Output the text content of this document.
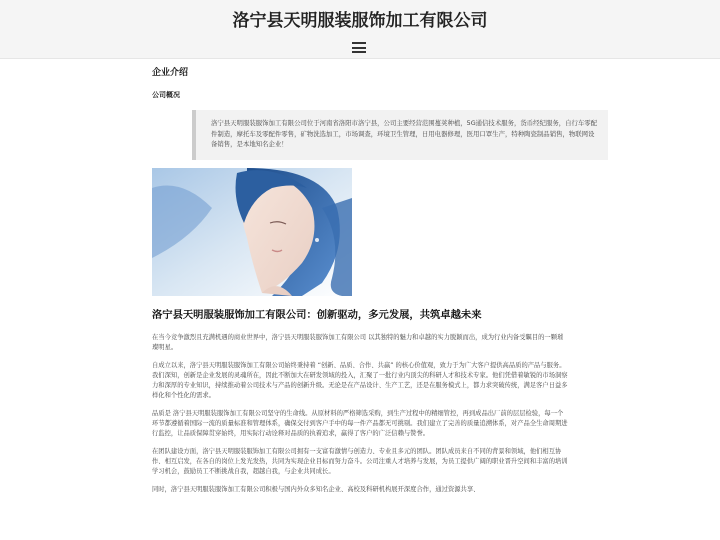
洛宁县天明服装服饰加工有限公司
企业介绍
公司概况
洛宁县天明服装服饰加工有限公司位于河南省洛阳市洛宁县，公司主要经营范围蔓荚种植，5G通信技术服务，货币经纪服务，自行车零配件制造，摩托车及零配件零售，矿物洗选加工，市场调查，环境卫生管理，日用电器修理，医用口罩生产，特种陶瓷制品销售，物联网设备销售，是本地知名企业！
洛宁县天明服装服饰加工有限公司：创新驱动，多元发展，共筑卓越未来

在当今竞争激烈且充满机遇的商业世界中，洛宁县天明服装服饰加工有限公司 以其独特的魅力和卓越的实力脱颖而出，成为行业内备受瞩目的一颗璀璨明星。

自成立以来，洛宁县天明服装服饰加工有限公司始终秉持着 “创新、品质、合作、共赢” 的核心价值观，致力于为广大客户提供高品质的产品与服务。我们深知，创新是企业发展的灵魂所在，因此不断加大在研发领域的投入，汇聚了一批行业内顶尖的科研人才和技术专家。他们凭借着敏锐的市场洞察力和深厚的专业知识，持续推动着公司技术与产品的创新升级。无论是在产品设计、生产工艺，还是在服务模式上，都力求突破传统，满足客户日益多样化和个性化的需求。

品质是 洛宁县天明服装服饰加工有限公司坚守的生命线。从原材料的严格筛选采购，到生产过程中的精细管控，再到成品出厂前的层层检验，每一个环节都遵循着国际一流的质量标准和管理体系，确保交付到客户手中的每一件产品都无可挑剔。我们建立了完善的质量追溯体系，对产品全生命周期进行监控，让品质保障贯穿始终，用实际行动诠释对品质的执着追求，赢得了客户的广泛信赖与赞誉。

在团队建设方面，洛宁县天明服装服饰加工有限公司拥有一支富有激情与创造力、专业且多元的团队。团队成员来自不同的背景和领域，他们相互协作、相互启发，在各自的岗位上发光发热，共同为实现企业目标而努力奋斗。公司注重人才培养与发展，为员工提供广阔的职业晋升空间和丰富的培训学习机会，鼓励员工不断挑战自我，超越自我，与企业共同成长。

同时，洛宁县天明服装服饰加工有限公司积极与国内外众多知名企业、高校及科研机构展开深度合作，通过资源共享、
